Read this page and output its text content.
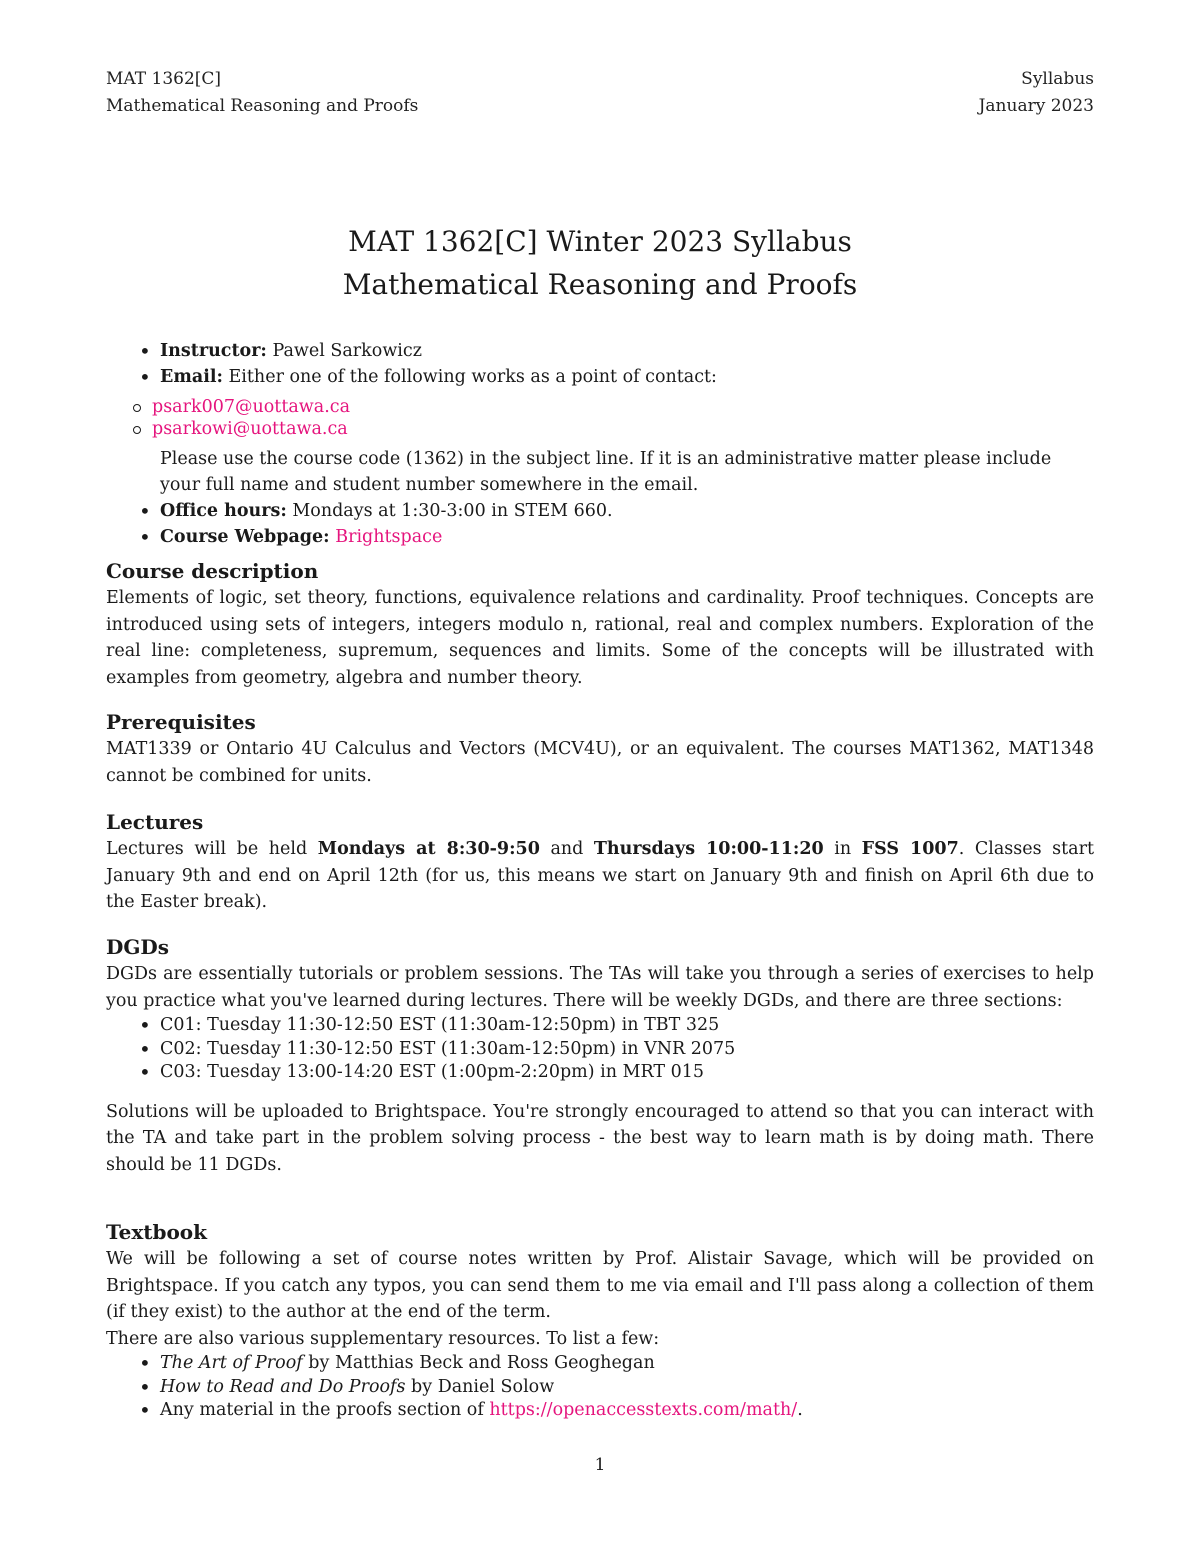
MAT 1362[C]
Mathematical Reasoning and Proofs
Syllabus
January 2023
MAT 1362[C] Winter 2023 Syllabus
Mathematical Reasoning and Proofs
• Instructor: Pawel Sarkowicz
• Email: Either one of the following works as a point of contact:
psark007@uottawa.ca
psarkowi@uottawa.ca
Please use the course code (1362) in the subject line. If it is an administrative matter please include your full name and student number somewhere in the email.
• Office hours: Mondays at 1:30-3:00 in STEM 660.
• Course Webpage: Brightspace
Course description

Elements of logic, set theory, functions, equivalence relations and cardinality. Proof techniques. Concepts are introduced using sets of integers, integers modulo n, rational, real and complex numbers. Exploration of the real line: completeness, supremum, sequences and limits. Some of the concepts will be illustrated with examples from geometry, algebra and number theory.

Prerequisites

MAT1339 or Ontario 4U Calculus and Vectors (MCV4U), or an equivalent. The courses MAT1362, MAT1348 cannot be combined for units.

Lectures

Lectures will be held Mondays at 8:30-9:50 and Thursdays 10:00-11:20 in FSS 1007. Classes start January 9th and end on April 12th (for us, this means we start on January 9th and finish on April 6th due to the Easter break).

DGDs

DGDs are essentially tutorials or problem sessions. The TAs will take you through a series of exercises to help you practice what you've learned during lectures. There will be weekly DGDs, and there are three sections:

• C01: Tuesday 11:30-12:50 EST (11:30am-12:50pm) in TBT 325
• C02: Tuesday 11:30-12:50 EST (11:30am-12:50pm) in VNR 2075
• C03: Tuesday 13:00-14:20 EST (1:00pm-2:20pm) in MRT 015

Solutions will be uploaded to Brightspace. You're strongly encouraged to attend so that you can interact with the TA and take part in the problem solving process - the best way to learn math is by doing math. There should be 11 DGDs.

Textbook

We will be following a set of course notes written by Prof. Alistair Savage, which will be provided on Brightspace. If you catch any typos, you can send them to me via email and I'll pass along a collection of them (if they exist) to the author at the end of the term.

There are also various supplementary resources. To list a few:

• The Art of Proof by Matthias Beck and Ross Geoghegan
• How to Read and Do Proofs by Daniel Solow
• Any material in the proofs section of https://openaccesstexts.com/math/.
1
